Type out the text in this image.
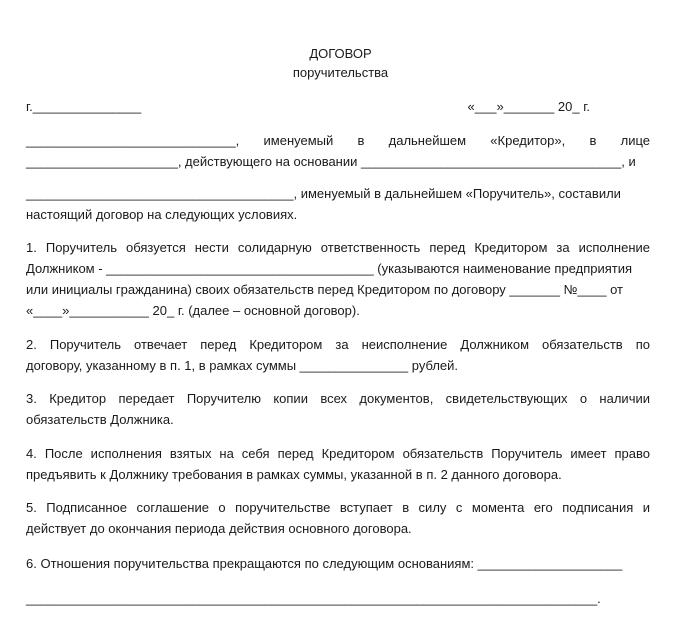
ДОГОВОР
поручительства
г._______________	«___»_______ 20_ г.
_____________________________, именуемый в дальнейшем «Кредитор», в лице
_____________________, действующего на основании ____________________________________, и
_____________________________________, именуемый в дальнейшем «Поручитель», составили
настоящий договор на следующих условиях.
1. Поручитель обязуется нести солидарную ответственность перед Кредитором за исполнение
Должником - _____________________________________ (указываются наименование предприятия
или инициалы гражданина) своих обязательств перед Кредитором по договору _______ №____ от
«____»___________ 20_ г. (далее – основной договор).
2. Поручитель отвечает перед Кредитором за неисполнение Должником обязательств по
договору, указанному в п. 1, в рамках суммы _______________ рублей.
3. Кредитор передает Поручителю копии всех документов, свидетельствующих о наличии
обязательств Должника.
4. После исполнения взятых на себя перед Кредитором обязательств Поручитель имеет право
предъявить к Должнику требования в рамках суммы, указанной в п. 2 данного договора.
5. Подписанное соглашение о поручительстве вступает в силу с момента его подписания и
действует до окончания периода действия основного договора.
6. Отношения поручительства прекращаются по следующим основаниям: ____________________
_______________________________________________________________________________.
